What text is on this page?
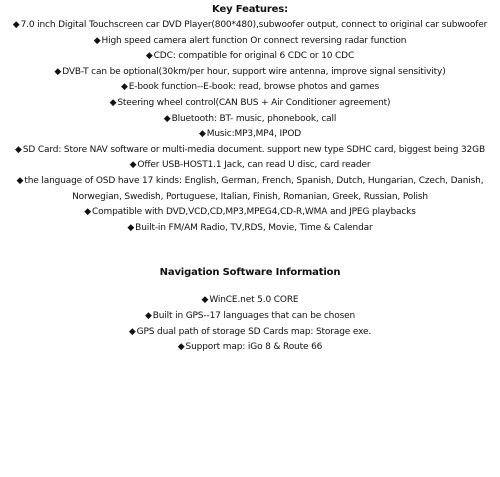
Key Features:

◆7.0 inch Digital Touchscreen car DVD Player(800*480),subwoofer output, connect to original car subwoofer
◆High speed camera alert function Or connect reversing radar function
◆CDC: compatible for original 6 CDC or 10 CDC
◆DVB-T can be optional(30km/per hour, support wire antenna, improve signal sensitivity)
◆E-book function--E-book: read, browse photos and games
◆Steering wheel control(CAN BUS + Air Conditioner agreement)
◆Bluetooth: BT- music, phonebook, call
◆Music:MP3,MP4, IPOD
◆SD Card: Store NAV software or multi-media document. support new type SDHC card, biggest being 32GB
◆Offer USB-HOST1.1 Jack, can read U disc, card reader
◆the language of OSD have 17 kinds: English, German, French, Spanish, Dutch, Hungarian, Czech, Danish, Norwegian, Swedish, Portuguese, Italian, Finish, Romanian, Greek, Russian, Polish
◆Compatible with DVD,VCD,CD,MP3,MPEG4,CD-R,WMA and JPEG playbacks
◆Built-in FM/AM Radio, TV,RDS, Movie, Time & Calendar

Navigation Software Information

◆WinCE.net 5.0 CORE
◆Built in GPS--17 languages that can be chosen
◆GPS dual path of storage SD Cards map: Storage exe.
◆Support map: iGo 8 & Route 66
